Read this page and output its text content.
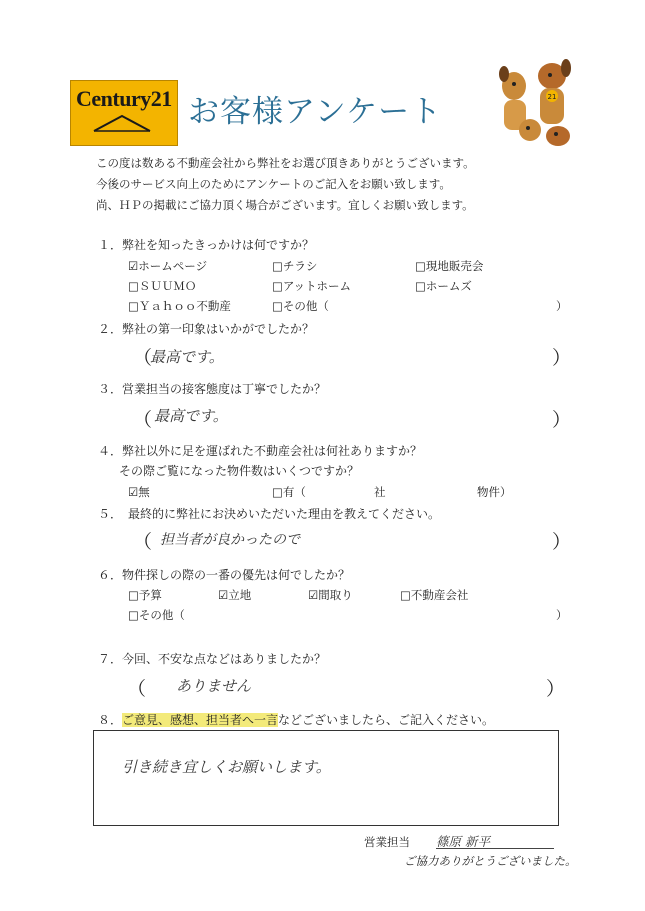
Century21 お客様アンケート	21
この度は数ある不動産会社から弊社をお選び頂きありがとうございます。
今後のサービス向上のためにアンケートのご記入をお願い致します。
尚、ＨＰの掲載にご協力頂く場合がございます。宜しくお願い致します。
１．弊社を知ったきっかけは何ですか？
☑ホームページ	□チラシ	□現地販売会
□ＳＵＵＭＯ	□アットホーム	□ホームズ
□Ｙａｈｏｏ不動産	□その他（	）
２．弊社の第一印象はいかがでしたか？
（
最高です。	）
３．営業担当の接客態度は丁寧でしたか？
（ 最高です。	）
４．弊社以外に足を運ばれた不動産会社は何社ありますか？
その際ご覧になった物件数はいくつですか？
☑無	□有（	社	物件）
５．　最終的に弊社にお決めいただいた理由を教えてください。
（ 担当者が良かったので	）
６．物件探しの際の一番の優先は何でしたか？
□予算	☑立地	☑間取り	□不動産会社
□その他（	）
７．今回、不安な点などはありましたか？
（ ありません	）
８．ご意見、感想、担当者へ一言などございましたら、ご記入ください。
引き続き宜しくお願いします。
営業担当 篠原 新平
ご協力ありがとうございました。
